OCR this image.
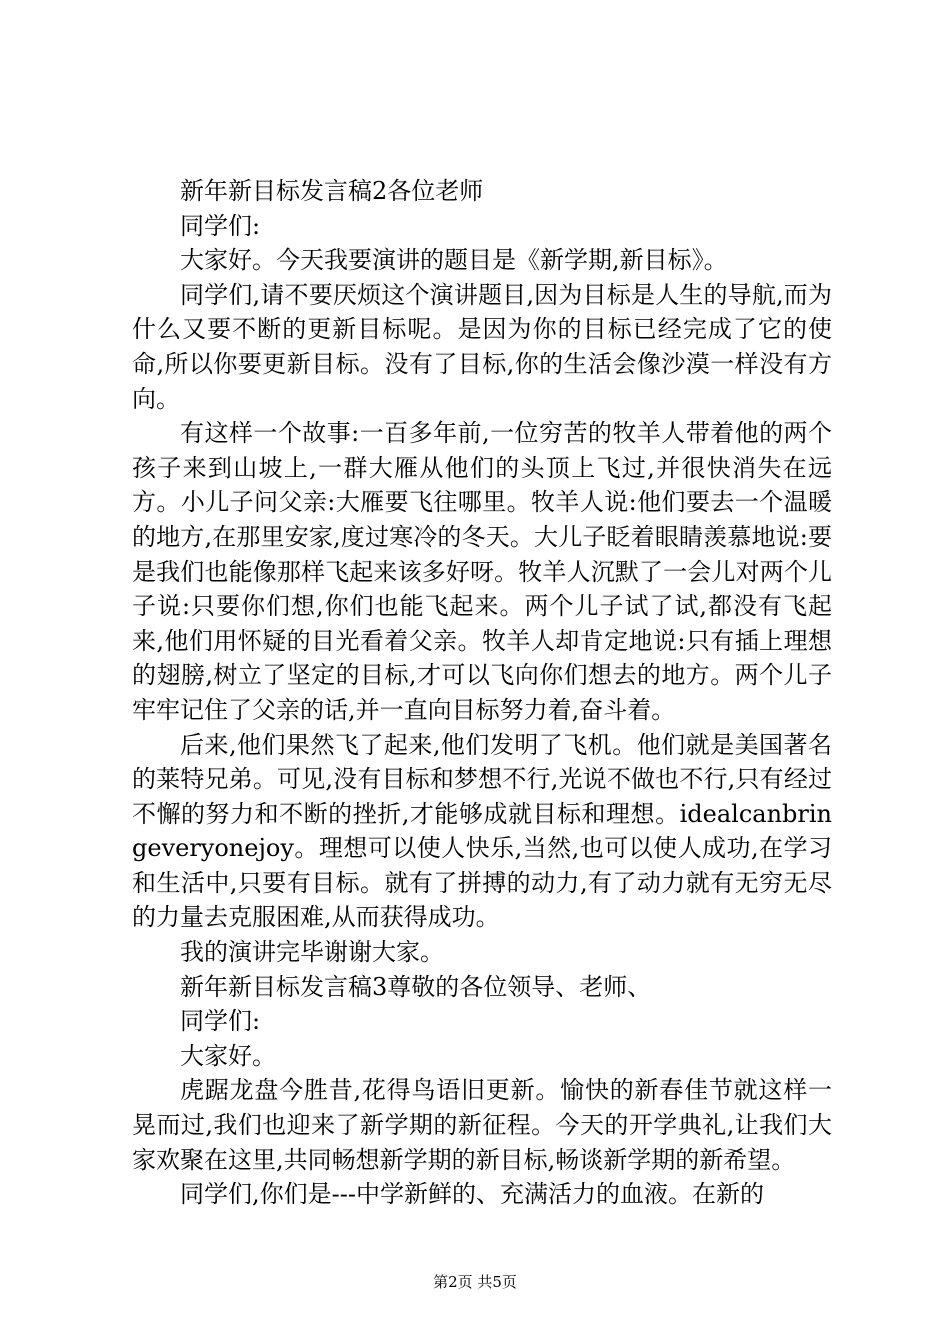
新年新目标发言稿2各位老师

同学们:

大家好。今天我要演讲的题目是《新学期,新目标》。

同学们,请不要厌烦这个演讲题目,因为目标是人生的导航,而为什么又要不断的更新目标呢。是因为你的目标已经完成了它的使命,所以你要更新目标。没有了目标,你的生活会像沙漠一样没有方向。

有这样一个故事:一百多年前,一位穷苦的牧羊人带着他的两个孩子来到山坡上,一群大雁从他们的头顶上飞过,并很快消失在远方。小儿子问父亲:大雁要飞往哪里。牧羊人说:他们要去一个温暖的地方,在那里安家,度过寒冷的冬天。大儿子眨着眼睛羡慕地说:要是我们也能像那样飞起来该多好呀。牧羊人沉默了一会儿对两个儿子说:只要你们想,你们也能飞起来。两个儿子试了试,都没有飞起来,他们用怀疑的目光看着父亲。牧羊人却肯定地说:只有插上理想的翅膀,树立了坚定的目标,才可以飞向你们想去的地方。两个儿子牢牢记住了父亲的话,并一直向目标努力着,奋斗着。

后来,他们果然飞了起来,他们发明了飞机。他们就是美国著名的莱特兄弟。可见,没有目标和梦想不行,光说不做也不行,只有经过不懈的努力和不断的挫折,才能够成就目标和理想。idealcanbringeveryonejoy。理想可以使人快乐,当然,也可以使人成功,在学习和生活中,只要有目标。就有了拼搏的动力,有了动力就有无穷无尽的力量去克服困难,从而获得成功。

我的演讲完毕谢谢大家。

新年新目标发言稿3尊敬的各位领导、老师、

同学们:

大家好。

虎踞龙盘今胜昔,花得鸟语旧更新。愉快的新春佳节就这样一晃而过,我们也迎来了新学期的新征程。今天的开学典礼,让我们大家欢聚在这里,共同畅想新学期的新目标,畅谈新学期的新希望。

同学们,你们是---中学新鲜的、充满活力的血液。在新的

第2页 共5页
